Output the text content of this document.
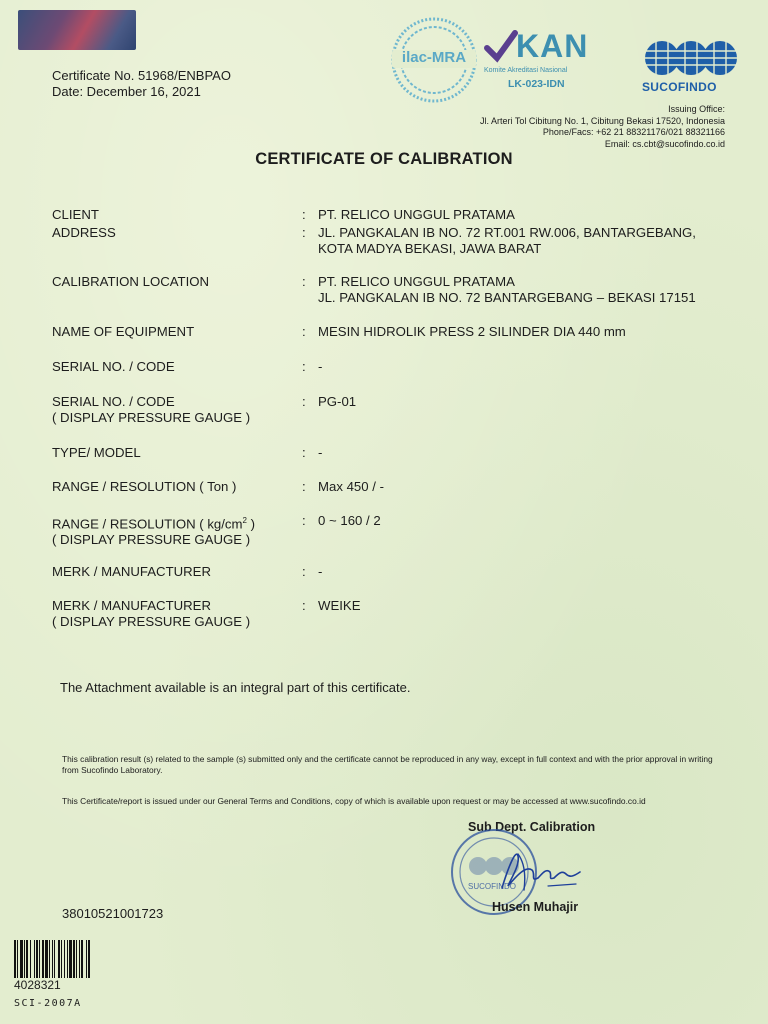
Certificate No. 51968/ENBPAO
Date: December 16, 2021
ilac-MRA	KAN
Komite Akreditasi Nasional
LK-023-IDN	SUCOFINDO
Issuing Office:
Jl. Arteri Tol Cibitung No. 1, Cibitung Bekasi 17520, Indonesia
Phone/Facs: +62 21 88321176/021 88321166
Email: cs.cbt@sucofindo.co.id
CERTIFICATE OF CALIBRATION
CLIENT	: PT. RELICO UNGGUL PRATAMA
ADDRESS	: JL. PANGKALAN IB NO. 72 RT.001 RW.006, BANTARGEBANG,
KOTA MADYA BEKASI, JAWA BARAT
CALIBRATION LOCATION	: PT. RELICO UNGGUL PRATAMA
JL. PANGKALAN IB NO. 72 BANTARGEBANG – BEKASI 17151
NAME OF EQUIPMENT	: MESIN HIDROLIK PRESS 2 SILINDER DIA 440 mm
SERIAL NO. / CODE	: -
SERIAL NO. / CODE
( DISPLAY PRESSURE GAUGE )
: PG-01
TYPE/ MODEL	: -
RANGE / RESOLUTION ( Ton )	: Max 450 / -
RANGE / RESOLUTION ( $kg/cm^2$ )
( DISPLAY PRESSURE GAUGE )
: 0 ~ 160 / 2
MERK / MANUFACTURER	: -
MERK / MANUFACTURER
( DISPLAY PRESSURE GAUGE )
: WEIKE
The Attachment available is an integral part of this certificate.
This calibration result (s) related to the sample (s) submitted only and the certificate cannot be reproduced in any way, except in full context and with the prior approval in writing
from Sucofindo Laboratory.
This Certificate/report is issued under our General Terms and Conditions, copy of which is available upon request or may be accessed at www.sucofindo.co.id
Sub Dept. Calibration
SUCOFINDO
Husen Muhajir
38010521001723
4028321
SCI-2007A
